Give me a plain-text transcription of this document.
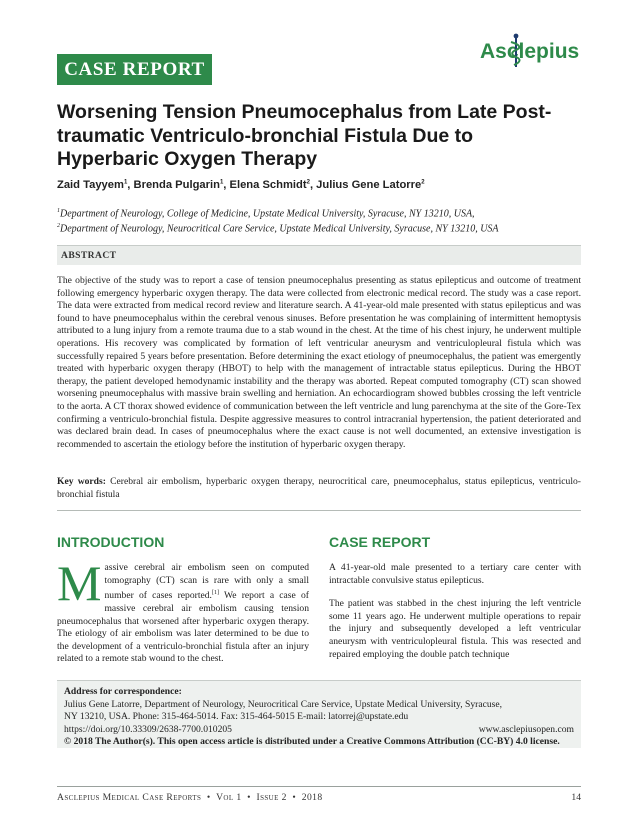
CASE REPORT
Asclepius
Worsening Tension Pneumocephalus from Late Post-traumatic Ventriculo-bronchial Fistula Due to Hyperbaric Oxygen Therapy
Zaid Tayyem$^1$, Brenda Pulgarin$^1$, Elena Schmidt$^2$, Julius Gene Latorre$^2$
$^1$Department of Neurology, College of Medicine, Upstate Medical University, Syracuse, NY 13210, USA,
$^2$Department of Neurology, Neurocritical Care Service, Upstate Medical University, Syracuse, NY 13210, USA
ABSTRACT

The objective of the study was to report a case of tension pneumocephalus presenting as status epilepticus and outcome of treatment following emergency hyperbaric oxygen therapy. The data were collected from electronic medical record. The study was a case report. The data were extracted from medical record review and literature search. A 41-year-old male presented with status epilepticus and was found to have pneumocephalus within the cerebral venous sinuses. Before presentation he was complaining of intermittent hemoptysis attributed to a lung injury from a remote trauma due to a stab wound in the chest. At the time of his chest injury, he underwent multiple operations. His recovery was complicated by formation of left ventricular aneurysm and ventriculopleural fistula which was successfully repaired 5 years before presentation. Before determining the exact etiology of pneumocephalus, the patient was emergently treated with hyperbaric oxygen therapy (HBOT) to help with the management of intractable status epilepticus. During the HBOT therapy, the patient developed hemodynamic instability and the therapy was aborted. Repeat computed tomography (CT) scan showed worsening pneumocephalus with massive brain swelling and herniation. An echocardiogram showed bubbles crossing the left ventricle to the aorta. A CT thorax showed evidence of communication between the left ventricle and lung parenchyma at the site of the Gore-Tex confirming a ventriculo-bronchial fistula. Despite aggressive measures to control intracranial hypertension, the patient deteriorated and was declared brain dead. In cases of pneumocephalus where the exact cause is not well documented, an extensive investigation is recommended to ascertain the etiology before the institution of hyperbaric oxygen therapy.

Key words: Cerebral air embolism, hyperbaric oxygen therapy, neurocritical care, pneumocephalus, status epilepticus, ventriculo-bronchial fistula

INTRODUCTION

Massive cerebral air embolism seen on computed tomography (CT) scan is rare with only a small number of cases reported.[1] We report a case of massive cerebral air embolism causing tension pneumocephalus that worsened after hyperbaric oxygen therapy. The etiology of air embolism was later determined to be due to the development of a ventriculo-bronchial fistula after an injury related to a remote stab wound to the chest.

CASE REPORT

A 41-year-old male presented to a tertiary care center with intractable convulsive status epilepticus.

The patient was stabbed in the chest injuring the left ventricle some 11 years ago. He underwent multiple operations to repair the injury and subsequently developed a left ventricular aneurysm with ventriculopleural fistula. This was resected and repaired employing the double patch technique

Address for correspondence:
Julius Gene Latorre, Department of Neurology, Neurocritical Care Service, Upstate Medical University, Syracuse,
NY 13210, USA. Phone: 315-464-5014. Fax: 315-464-5015 E-mail: latorrej@upstate.edu
https://doi.org/10.33309/2638-7700.010205	www.asclepiusopen.com
© 2018 The Author(s). This open access article is distributed under a Creative Commons Attribution (CC-BY) 4.0 license.
Asclepius Medical Case Reports  •  Vol 1  •  Issue 2  •  2018	14
